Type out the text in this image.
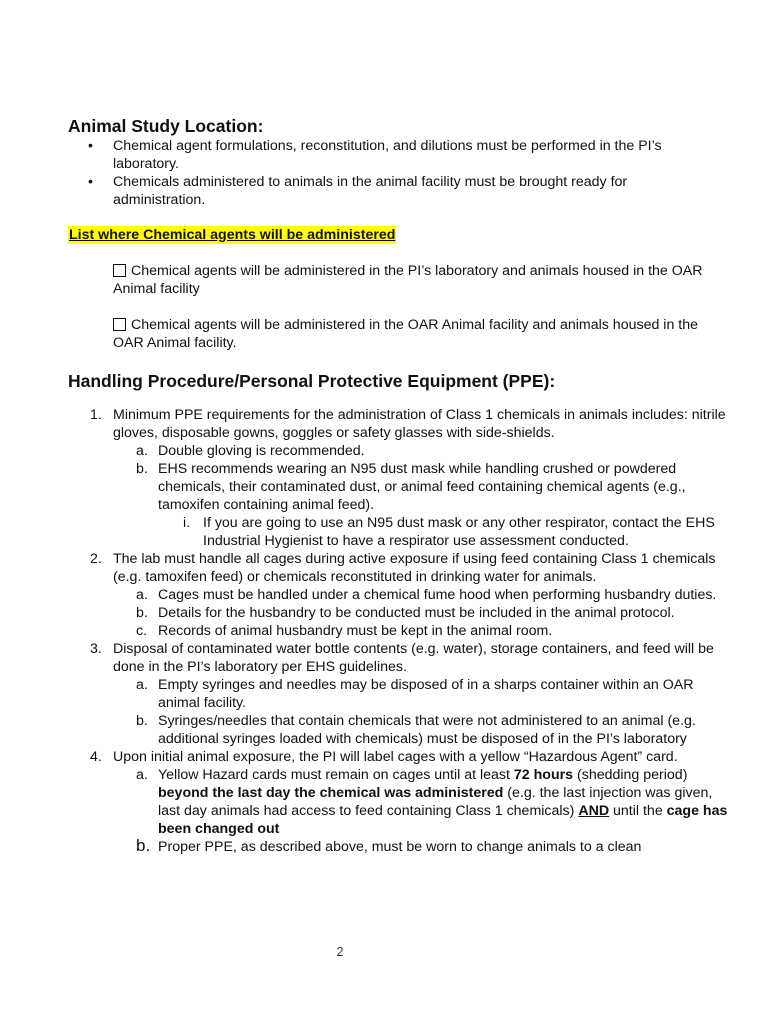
Animal Study Location:
• Chemical agent formulations, reconstitution, and dilutions must be performed in the PI’s laboratory.
• Chemicals administered to animals in the animal facility must be brought ready for administration.
List where Chemical agents will be administered
Chemical agents will be administered in the PI’s laboratory and animals housed in the OAR Animal facility
Chemical agents will be administered in the OAR Animal facility and animals housed in the OAR Animal facility.
Handling Procedure/Personal Protective Equipment (PPE):
1. Minimum PPE requirements for the administration of Class 1 chemicals in animals includes: nitrile gloves, disposable gowns, goggles or safety glasses with side-shields.
a. Double gloving is recommended.
b. EHS recommends wearing an N95 dust mask while handling crushed or powdered chemicals, their contaminated dust, or animal feed containing chemical agents (e.g., tamoxifen containing animal feed).
i. If you are going to use an N95 dust mask or any other respirator, contact the EHS Industrial Hygienist to have a respirator use assessment conducted.
2. The lab must handle all cages during active exposure if using feed containing Class 1 chemicals (e.g. tamoxifen feed) or chemicals reconstituted in drinking water for animals.
a. Cages must be handled under a chemical fume hood when performing husbandry duties.
b. Details for the husbandry to be conducted must be included in the animal protocol.
c. Records of animal husbandry must be kept in the animal room.
3. Disposal of contaminated water bottle contents (e.g. water), storage containers, and feed will be done in the PI’s laboratory per EHS guidelines.
a. Empty syringes and needles may be disposed of in a sharps container within an OAR animal facility.
b. Syringes/needles that contain chemicals that were not administered to an animal (e.g. additional syringes loaded with chemicals) must be disposed of in the PI’s laboratory
4. Upon initial animal exposure, the PI will label cages with a yellow “Hazardous Agent” card.
a. Yellow Hazard cards must remain on cages until at least 72 hours (shedding period) beyond the last day the chemical was administered (e.g. the last injection was given, last day animals had access to feed containing Class 1 chemicals) AND until the cage has been changed out
b. Proper PPE, as described above, must be worn to change animals to a clean
2
